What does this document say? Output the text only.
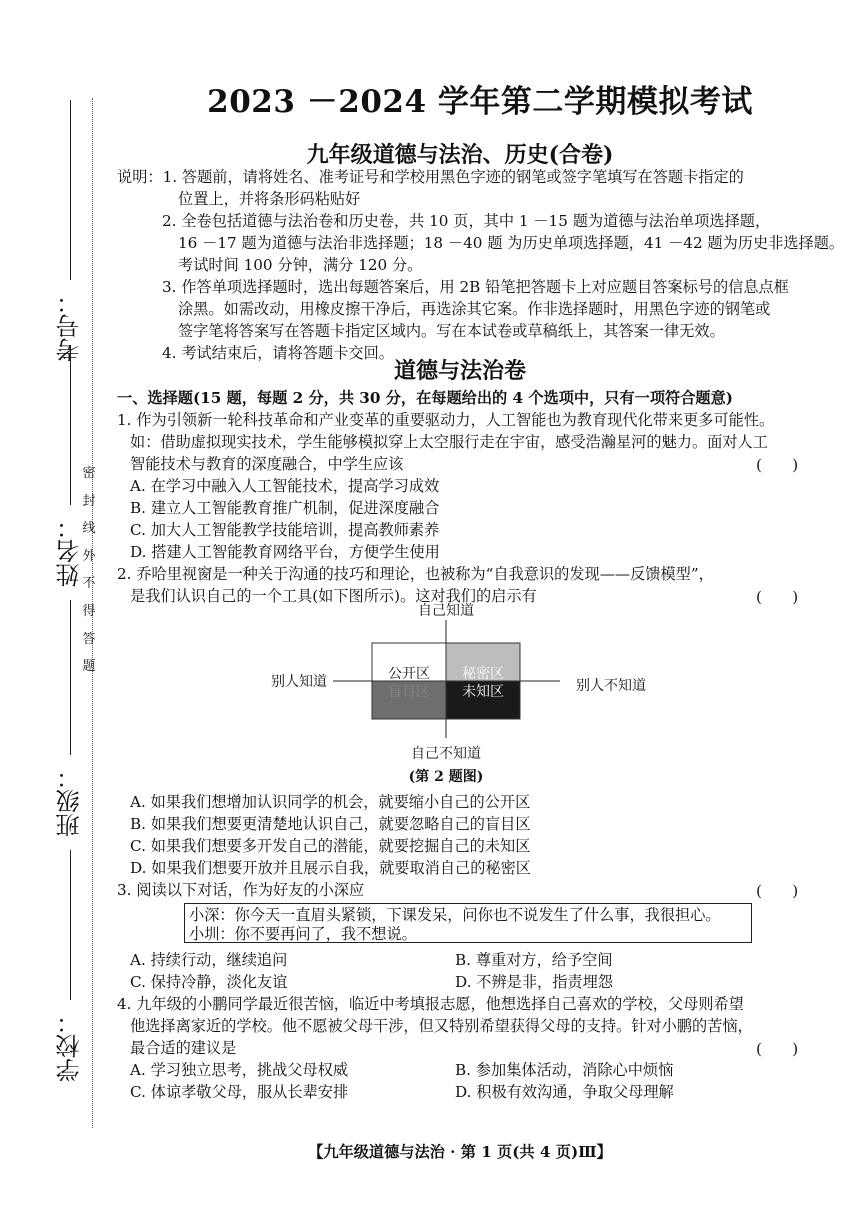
考号：
姓名：
班级：
学校：
密
封
线
外
不
得
答
题
2023 －2024 学年第二学期模拟考试
九年级道德与法治、历史(合卷)
说明：1. 答题前，请将姓名、准考证号和学校用黑色字迹的钢笔或签字笔填写在答题卡指定的
位置上，并将条形码粘贴好
2. 全卷包括道德与法治卷和历史卷，共 10 页，其中 1 －15 题为道德与法治单项选择题，
16 －17 题为道德与法治非选择题；18 －40 题 为历史单项选择题，41 －42 题为历史非选择题。
考试时间 100 分钟，满分 120 分。
3. 作答单项选择题时，选出每题答案后，用 2B 铅笔把答题卡上对应题目答案标号的信息点框
涂黑。如需改动，用橡皮擦干净后，再选涂其它案。作非选择题时，用黑色字迹的钢笔或
签字笔将答案写在答题卡指定区域内。写在本试卷或草稿纸上，其答案一律无效。
4. 考试结束后，请将答题卡交回。
道德与法治卷
一、选择题(15 题，每题 2 分，共 30 分，在每题给出的 4 个选项中，只有一项符合题意)
1. 作为引领新一轮科技革命和产业变革的重要驱动力，人工智能也为教育现代化带来更多可能性。
如：借助虚拟现实技术，学生能够模拟穿上太空服行走在宇宙，感受浩瀚星河的魅力。面对人工
智能技术与教育的深度融合，中学生应该	(　　)
A. 在学习中融入人工智能技术，提高学习成效
B. 建立人工智能教育推广机制，促进深度融合
C. 加大人工智能教学技能培训，提高教师素养
D. 搭建人工智能教育网络平台，方便学生使用
2. 乔哈里视窗是一种关于沟通的技巧和理论，也被称为“自我意识的发现——反馈模型”，
是我们认识自己的一个工具(如下图所示)。这对我们的启示有	(　　)
自己知道
自己不知道
别人知道	别人不知道
公开区 秘密区
盲目区 未知区
(第 2 题图)
A. 如果我们想增加认识同学的机会，就要缩小自己的公开区
B. 如果我们想要更清楚地认识自己，就要忽略自己的盲目区
C. 如果我们想要多开发自己的潜能，就要挖掘自己的未知区
D. 如果我们想要开放并且展示自我，就要取消自己的秘密区
3. 阅读以下对话，作为好友的小深应	(　　)
小深：你今天一直眉头紧锁，下课发呆，问你也不说发生了什么事，我很担心。
小圳：你不要再问了，我不想说。
A. 持续行动，继续追问	B. 尊重对方，给予空间
C. 保持冷静，淡化友谊	D. 不辨是非，指责埋怨
4. 九年级的小鹏同学最近很苦恼，临近中考填报志愿，他想选择自己喜欢的学校，父母则希望
他选择离家近的学校。他不愿被父母干涉，但又特别希望获得父母的支持。针对小鹏的苦恼，
最合适的建议是	(　　)
A. 学习独立思考，挑战父母权威	B. 参加集体活动，消除心中烦恼
C. 体谅孝敬父母，服从长辈安排	D. 积极有效沟通，争取父母理解
【九年级道德与法治 · 第 1 页(共 4 页)Ⅲ】
